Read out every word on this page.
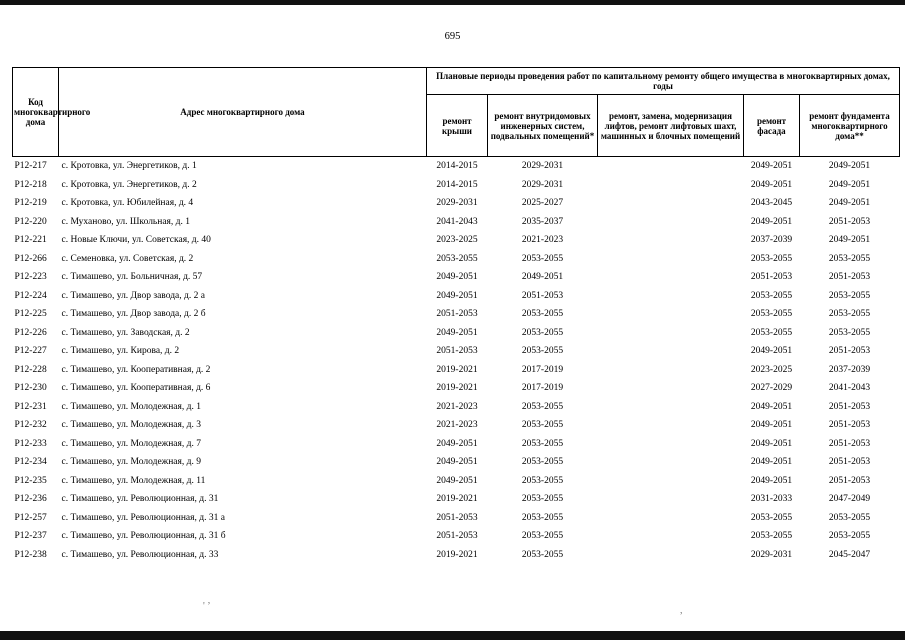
695
Код многоквартирного дома	Адрес многоквартирного дома	Плановые периоды проведения работ по капитальному ремонту общего имущества в многоквартирных домах, годы				
		ремонт крыши	ремонт внутридомовых инженерных систем, подвальных помещений*	ремонт, замена, модернизация лифтов, ремонт лифтовых шахт, машинных и блочных помещений	ремонт фасада	ремонт фундамента многоквартирного дома**
P12-217	с. Кротовка, ул. Энергетиков, д. 1	2014-2015	2029-2031		2049-2051	2049-2051
P12-218	с. Кротовка, ул. Энергетиков, д. 2	2014-2015	2029-2031		2049-2051	2049-2051
P12-219	с. Кротовка, ул. Юбилейная, д. 4	2029-2031	2025-2027		2043-2045	2049-2051
P12-220	с. Муханово, ул. Школьная, д. 1	2041-2043	2035-2037		2049-2051	2051-2053
P12-221	с. Новые Ключи, ул. Советская, д. 40	2023-2025	2021-2023		2037-2039	2049-2051
P12-266	с. Семеновка, ул. Советская, д. 2	2053-2055	2053-2055		2053-2055	2053-2055
P12-223	с. Тимашево, ул. Больничная, д. 57	2049-2051	2049-2051		2051-2053	2051-2053
P12-224	с. Тимашево, ул. Двор завода, д. 2 а	2049-2051	2051-2053		2053-2055	2053-2055
P12-225	с. Тимашево, ул. Двор завода, д. 2 б	2051-2053	2053-2055		2053-2055	2053-2055
P12-226	с. Тимашево, ул. Заводская, д. 2	2049-2051	2053-2055		2053-2055	2053-2055
P12-227	с. Тимашево, ул. Кирова, д. 2	2051-2053	2053-2055		2049-2051	2051-2053
P12-228	с. Тимашево, ул. Кооперативная, д. 2	2019-2021	2017-2019		2023-2025	2037-2039
P12-230	с. Тимашево, ул. Кооперативная, д. 6	2019-2021	2017-2019		2027-2029	2041-2043
P12-231	с. Тимашево, ул. Молодежная, д. 1	2021-2023	2053-2055		2049-2051	2051-2053
P12-232	с. Тимашево, ул. Молодежная, д. 3	2021-2023	2053-2055		2049-2051	2051-2053
P12-233	с. Тимашево, ул. Молодежная, д. 7	2049-2051	2053-2055		2049-2051	2051-2053
P12-234	с. Тимашево, ул. Молодежная, д. 9	2049-2051	2053-2055		2049-2051	2051-2053
P12-235	с. Тимашево, ул. Молодежная, д. 11	2049-2051	2053-2055		2049-2051	2051-2053
P12-236	с. Тимашево, ул. Революционная, д. 31	2019-2021	2053-2055		2031-2033	2047-2049
P12-257	с. Тимашево, ул. Революционная, д. 31 а	2051-2053	2053-2055		2053-2055	2053-2055
P12-237	с. Тимашево, ул. Революционная, д. 31 б	2051-2053	2053-2055		2053-2055	2053-2055
P12-238	с. Тимашево, ул. Революционная, д. 33	2019-2021	2053-2055		2029-2031	2045-2047
' ’	,
